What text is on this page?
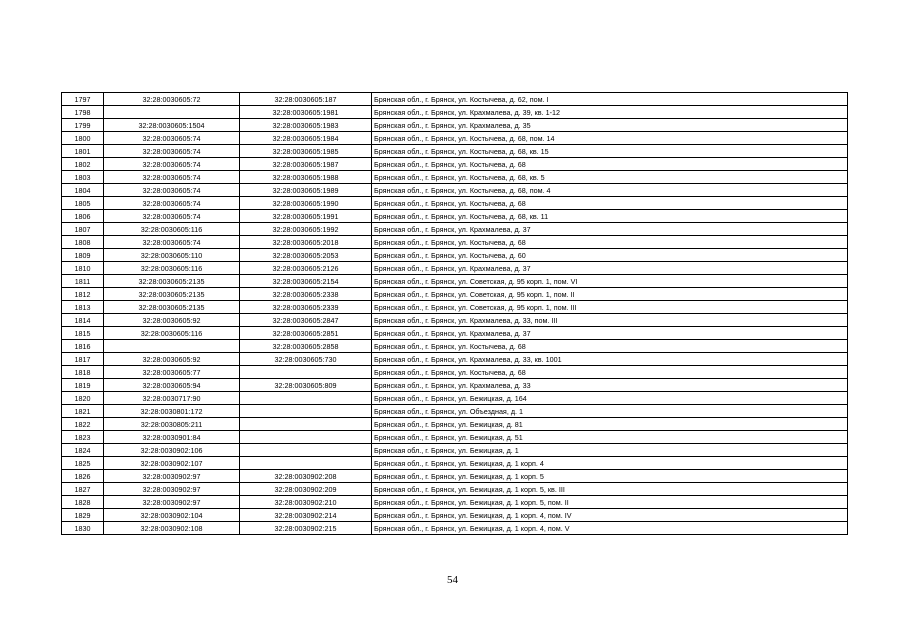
1797	32:28:0030605:72	32:28:0030605:187	Брянская обл., г. Брянск, ул. Костычева, д. 62, пом. I
1798		32:28:0030605:1981	Брянская обл., г. Брянск, ул. Крахмалева, д. 39, кв. 1-12
1799	32:28:0030605:1504	32:28:0030605:1983	Брянская обл., г. Брянск, ул. Крахмалева, д. 35
1800	32:28:0030605:74	32:28:0030605:1984	Брянская обл., г. Брянск, ул. Костычева, д. 68, пом. 14
1801	32:28:0030605:74	32:28:0030605:1985	Брянская обл., г. Брянск, ул. Костычева, д. 68, кв. 15
1802	32:28:0030605:74	32:28:0030605:1987	Брянская обл., г. Брянск, ул. Костычева, д. 68
1803	32:28:0030605:74	32:28:0030605:1988	Брянская обл., г. Брянск, ул. Костычева, д. 68, кв. 5
1804	32:28:0030605:74	32:28:0030605:1989	Брянская обл., г. Брянск, ул. Костычева, д. 68, пом. 4
1805	32:28:0030605:74	32:28:0030605:1990	Брянская обл., г. Брянск, ул. Костычева, д. 68
1806	32:28:0030605:74	32:28:0030605:1991	Брянская обл., г. Брянск, ул. Костычева, д. 68, кв. 11
1807	32:28:0030605:116	32:28:0030605:1992	Брянская обл., г. Брянск, ул. Крахмалева, д. 37
1808	32:28:0030605:74	32:28:0030605:2018	Брянская обл., г. Брянск, ул. Костычева, д. 68
1809	32:28:0030605:110	32:28:0030605:2053	Брянская обл., г. Брянск, ул. Костычева, д. 60
1810	32:28:0030605:116	32:28:0030605:2126	Брянская обл., г. Брянск, ул. Крахмалева, д. 37
1811	32:28:0030605:2135	32:28:0030605:2154	Брянская обл., г. Брянск, ул. Советская, д. 95 корп. 1, пом. VI
1812	32:28:0030605:2135	32:28:0030605:2338	Брянская обл., г. Брянск, ул. Советская, д. 95 корп. 1, пом. II
1813	32:28:0030605:2135	32:28:0030605:2339	Брянская обл., г. Брянск, ул. Советская, д. 95 корп. 1, пом. III
1814	32:28:0030605:92	32:28:0030605:2847	Брянская обл., г. Брянск, ул. Крахмалева, д. 33, пом. III
1815	32:28:0030605:116	32:28:0030605:2851	Брянская обл., г. Брянск, ул. Крахмалева, д. 37
1816		32:28:0030605:2858	Брянская обл., г. Брянск, ул. Костычева, д. 68
1817	32:28:0030605:92	32:28:0030605:730	Брянская обл., г. Брянск, ул. Крахмалева, д. 33, кв. 1001
1818	32:28:0030605:77		Брянская обл., г. Брянск, ул. Костычева, д. 68
1819	32:28:0030605:94	32:28:0030605:809	Брянская обл., г. Брянск, ул. Крахмалева, д. 33
1820	32:28:0030717:90		Брянская обл., г. Брянск, ул. Бежицкая, д. 164
1821	32:28:0030801:172		Брянская обл., г. Брянск, ул. Объездная, д. 1
1822	32:28:0030805:211		Брянская обл., г. Брянск, ул. Бежицкая, д. 81
1823	32:28:0030901:84		Брянская обл., г. Брянск, ул. Бежицкая, д. 51
1824	32:28:0030902:106		Брянская обл., г. Брянск, ул. Бежицкая, д. 1
1825	32:28:0030902:107		Брянская обл., г. Брянск, ул. Бежицкая, д. 1 корп. 4
1826	32:28:0030902:97	32:28:0030902:208	Брянская обл., г. Брянск, ул. Бежицкая, д. 1 корп. 5
1827	32:28:0030902:97	32:28:0030902:209	Брянская обл., г. Брянск, ул. Бежицкая, д. 1 корп. 5, кв. III
1828	32:28:0030902:97	32:28:0030902:210	Брянская обл., г. Брянск, ул. Бежицкая, д. 1 корп. 5, пом. II
1829	32:28:0030902:104	32:28:0030902:214	Брянская обл., г. Брянск, ул. Бежицкая, д. 1 корп. 4, пом. IV
1830	32:28:0030902:108	32:28:0030902:215	Брянская обл., г. Брянск, ул. Бежицкая, д. 1 корп. 4, пом. V
54
